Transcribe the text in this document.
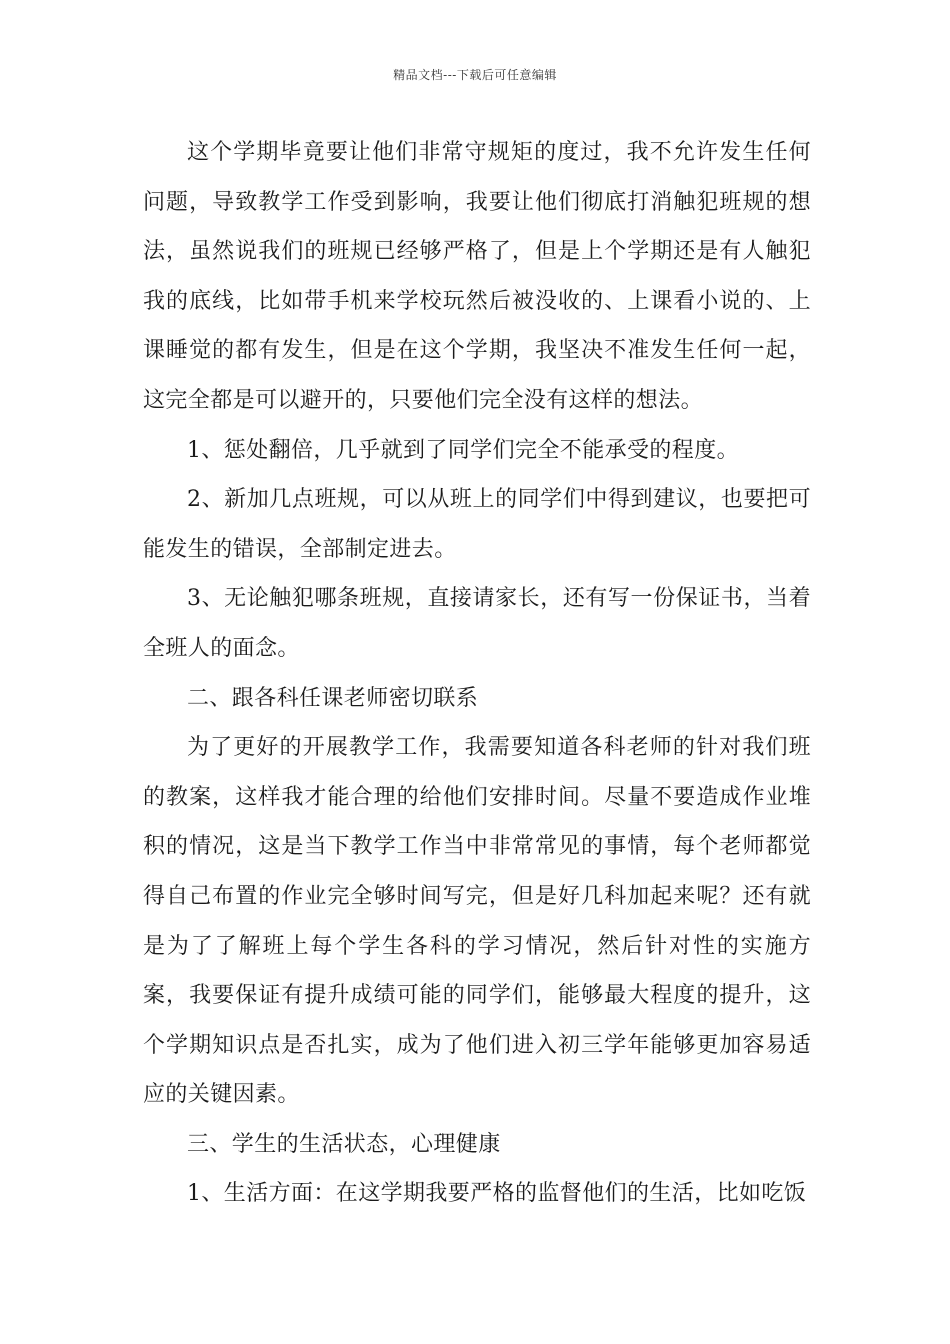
精品文档---下载后可任意编辑

这个学期毕竟要让他们非常守规矩的度过，我不允许发生任何问题，导致教学工作受到影响，我要让他们彻底打消触犯班规的想法，虽然说我们的班规已经够严格了，但是上个学期还是有人触犯我的底线，比如带手机来学校玩然后被没收的、上课看小说的、上课睡觉的都有发生，但是在这个学期，我坚决不准发生任何一起，这完全都是可以避开的，只要他们完全没有这样的想法。

1、惩处翻倍，几乎就到了同学们完全不能承受的程度。

2、新加几点班规，可以从班上的同学们中得到建议，也要把可能发生的错误，全部制定进去。

3、无论触犯哪条班规，直接请家长，还有写一份保证书，当着全班人的面念。

二、跟各科任课老师密切联系

为了更好的开展教学工作，我需要知道各科老师的针对我们班的教案，这样我才能合理的给他们安排时间。尽量不要造成作业堆积的情况，这是当下教学工作当中非常常见的事情，每个老师都觉得自己布置的作业完全够时间写完，但是好几科加起来呢？还有就是为了了解班上每个学生各科的学习情况，然后针对性的实施方案，我要保证有提升成绩可能的同学们，能够最大程度的提升，这个学期知识点是否扎实，成为了他们进入初三学年能够更加容易适应的关键因素。

三、学生的生活状态，心理健康

1、生活方面：在这学期我要严格的监督他们的生活，比如吃饭
